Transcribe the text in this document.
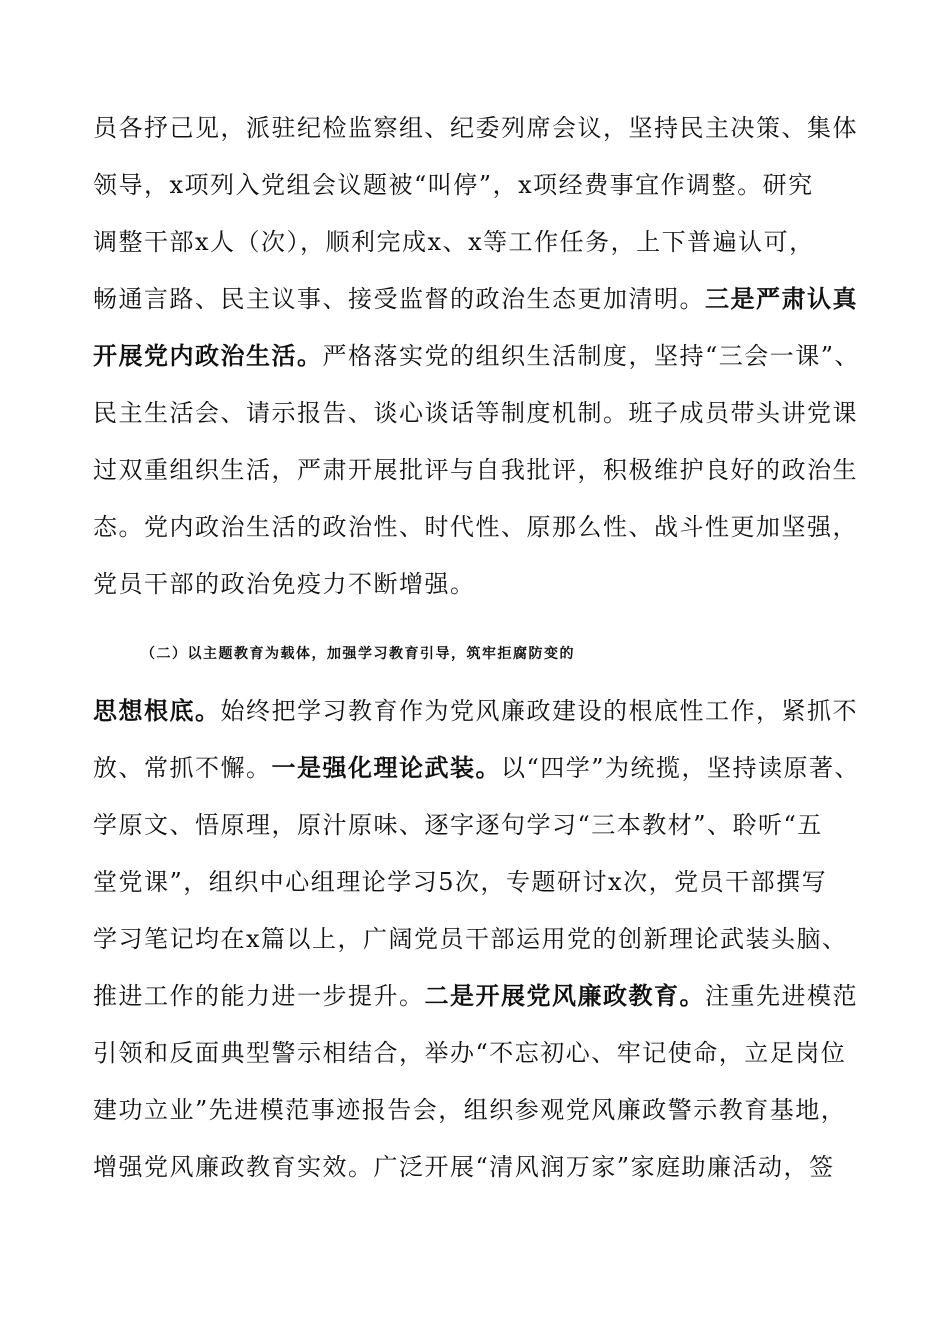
员各抒己见，派驻纪检监察组、纪委列席会议，坚持民主决策、集体
领导，x项列入党组会议题被“叫停”，x项经费事宜作调整。研究
调整干部x人（次），顺利完成x、x等工作任务，上下普遍认可，
畅通言路、民主议事、接受监督的政治生态更加清明。三是严肃认真
开展党内政治生活。严格落实党的组织生活制度，坚持“三会一课”、
民主生活会、请示报告、谈心谈话等制度机制。班子成员带头讲党课
过双重组织生活，严肃开展批评与自我批评，积极维护良好的政治生
态。党内政治生活的政治性、时代性、原那么性、战斗性更加坚强，
党员干部的政治免疫力不断增强。
（二）以主题教育为载体，加强学习教育引导，筑牢拒腐防变的
思想根底。始终把学习教育作为党风廉政建设的根底性工作，紧抓不
放、常抓不懈。一是强化理论武装。以“四学”为统揽，坚持读原著、
学原文、悟原理，原汁原味、逐字逐句学习“三本教材”、聆听“五
堂党课”，组织中心组理论学习5次，专题研讨x次，党员干部撰写
学习笔记均在x篇以上，广阔党员干部运用党的创新理论武装头脑、
推进工作的能力进一步提升。二是开展党风廉政教育。注重先进模范
引领和反面典型警示相结合，举办“不忘初心、牢记使命，立足岗位
建功立业”先进模范事迹报告会，组织参观党风廉政警示教育基地，
增强党风廉政教育实效。广泛开展“清风润万家”家庭助廉活动，签
